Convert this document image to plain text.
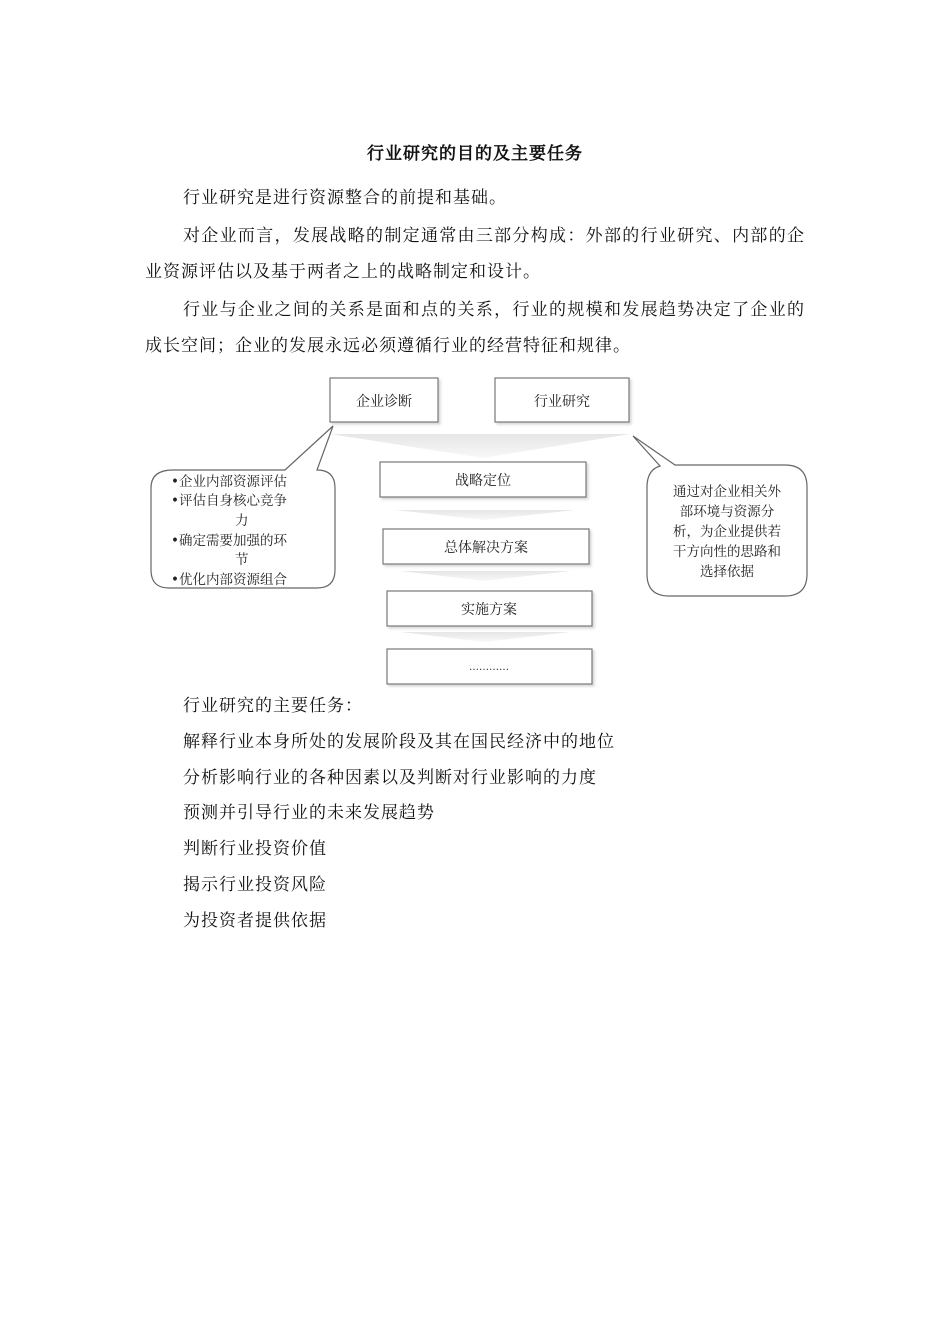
行业研究的目的及主要任务

行业研究是进行资源整合的前提和基础。

对企业而言，发展战略的制定通常由三部分构成：外部的行业研究、内部的企业资源评估以及基于两者之上的战略制定和设计。

行业与企业之间的关系是面和点的关系，行业的规模和发展趋势决定了企业的成长空间；企业的发展永远必须遵循行业的经营特征和规律。

企业诊断	行业研究
战略定位
总体解决方案
实施方案
…………
•企业内部资源评估
•评估自身核心竞争
力
•确定需要加强的环
节
•优化内部资源组合
通过对企业相关外
部环境与资源分
析，为企业提供若
干方向性的思路和
选择依据

行业研究的主要任务：

解释行业本身所处的发展阶段及其在国民经济中的地位

分析影响行业的各种因素以及判断对行业影响的力度

预测并引导行业的未来发展趋势

判断行业投资价值

揭示行业投资风险

为投资者提供依据
